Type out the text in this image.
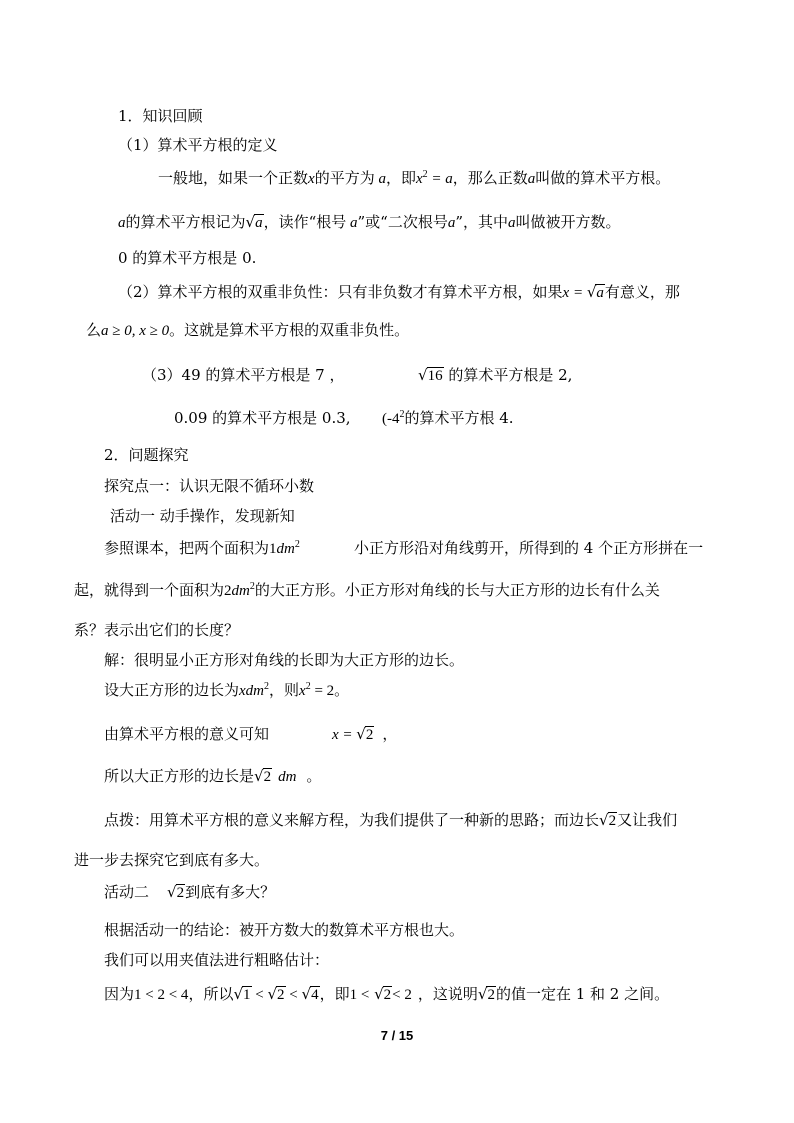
1．知识回顾
（1）算术平方根的定义
一般地，如果一个正数x的平方为 a，即$x^2 = a$，那么正数a叫做的算术平方根。
a的算术平方根记为√a，读作“根号 a”或“二次根号a”，其中a叫做被开方数。
0 的算术平方根是 0.
（2）算术平方根的双重非负性：只有非负数才有算术平方根，如果x = √a有意义，那
么a ≥ 0, x ≥ 0。这就是算术平方根的双重非负性。
（3）49 的算术平方根是 7 ，	√16 的算术平方根是 2,
0.09 的算术平方根是 0.3, ($-4^2$的算术平方根 4.
2．问题探究
探究点一：认识无限不循环小数
活动一 动手操作，发现新知
参照课本，把两个面积为$1dm^2$	小正方形沿对角线剪开，所得到的 4 个正方形拼在一
起，就得到一个面积为$2dm^2$的大正方形。小正方形对角线的长与大正方形的边长有什么关
系？表示出它们的长度？
解：很明显小正方形对角线的长即为大正方形的边长。
设大正方形的边长为xdm$^2$，则$x^2 = 2$。
由算术平方根的意义可知	x = √2 ，
所以大正方形的边长是√2 dm 。
点拨：用算术平方根的意义来解方程，为我们提供了一种新的思路；而边长√2又让我们
进一步去探究它到底有多大。
活动二 √2到底有多大？
根据活动一的结论：被开方数大的数算术平方根也大。
我们可以用夹值法进行粗略估计：
因为1 < 2 < 4，所以√1 < √2 < √4，即1 < √2< 2 ，这说明√2的值一定在 1 和 2 之间。
7 / 15
